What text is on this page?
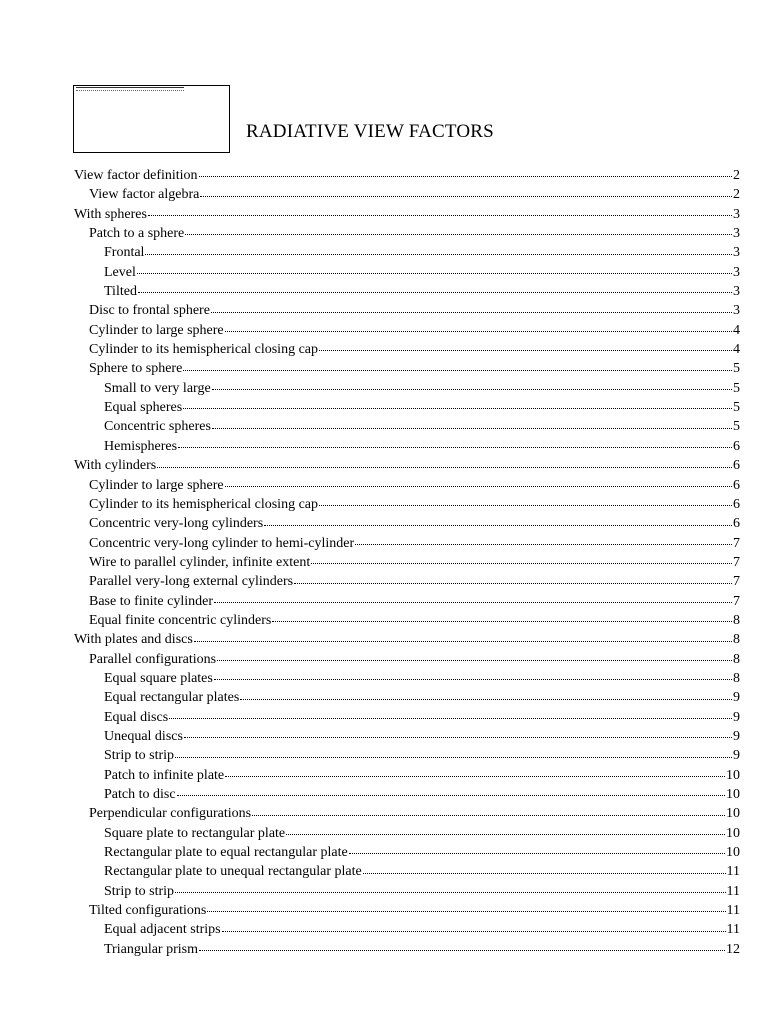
RADIATIVE VIEW FACTORS
View factor definition	2
View factor algebra	2
With spheres	3
Patch to a sphere	3
Frontal	3
Level	3
Tilted	3
Disc to frontal sphere	3
Cylinder to large sphere	4
Cylinder to its hemispherical closing cap	4
Sphere to sphere	5
Small to very large	5
Equal spheres	5
Concentric spheres	5
Hemispheres	6
With cylinders	6
Cylinder to large sphere	6
Cylinder to its hemispherical closing cap	6
Concentric very-long cylinders	6
Concentric very-long cylinder to hemi-cylinder	7
Wire to parallel cylinder, infinite extent	7
Parallel very-long external cylinders	7
Base to finite cylinder	7
Equal finite concentric cylinders	8
With plates and discs	8
Parallel configurations	8
Equal square plates	8
Equal rectangular plates	9
Equal discs	9
Unequal discs	9
Strip to strip	9
Patch to infinite plate	10
Patch to disc	10
Perpendicular configurations	10
Square plate to rectangular plate	10
Rectangular plate to equal rectangular plate	10
Rectangular plate to unequal rectangular plate	11
Strip to strip	11
Tilted configurations	11
Equal adjacent strips	11
Triangular prism	12
